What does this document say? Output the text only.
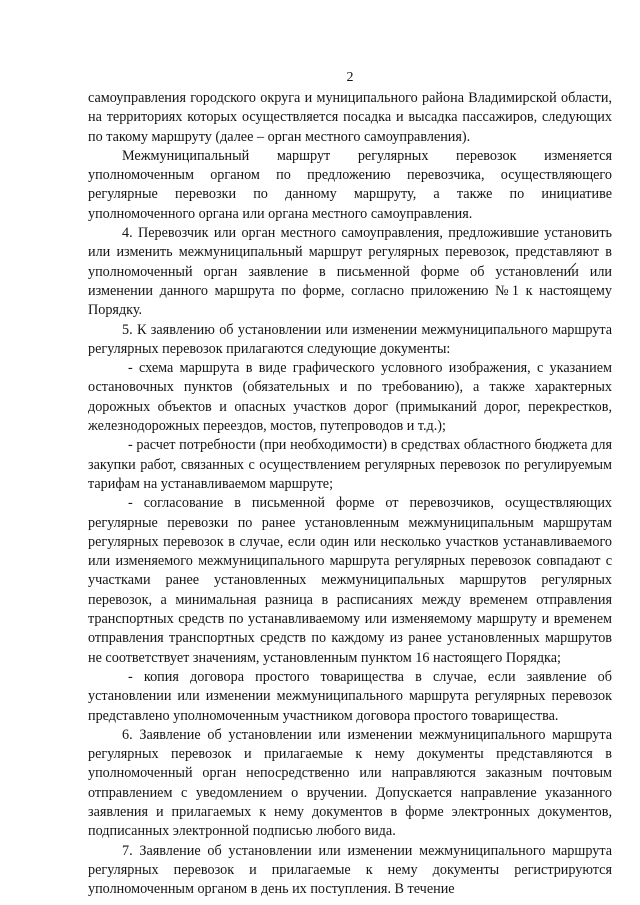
2

самоуправления городского округа и муниципального района Владимирской области, на территориях которых осуществляется посадка и высадка пассажиров, следующих по такому маршруту (далее – орган местного самоуправления).

Межмуниципальный маршрут регулярных перевозок изменяется уполномоченным органом по предложению перевозчика, осуществляющего регулярные перевозки по данному маршруту, а также по инициативе уполномоченного органа или органа местного самоуправления.

4. Перевозчик или орган местного самоуправления, предложившие установить или изменить межмуниципальный маршрут регулярных перевозок, представляют в уполномоченный орган заявление в письменной форме об установлении или изменении данного маршрута по форме, согласно приложению №1 к настоящему Порядку.

5. К заявлению об установлении или изменении межмуниципального маршрута регулярных перевозок прилагаются следующие документы:

- схема маршрута в виде графического условного изображения, с указанием остановочных пунктов (обязательных и по требованию), а также характерных дорожных объектов и опасных участков дорог (примыканий дорог, перекрестков, железнодорожных переездов, мостов, путепроводов и т.д.);

- расчет потребности (при необходимости) в средствах областного бюджета для закупки работ, связанных с осуществлением регулярных перевозок по регулируемым тарифам на устанавливаемом маршруте;

- согласование в письменной форме от перевозчиков, осуществляющих регулярные перевозки по ранее установленным межмуниципальным маршрутам регулярных перевозок в случае, если один или несколько участков устанавливаемого или изменяемого межмуниципального маршрута регулярных перевозок совпадают с участками ранее установленных межмуниципальных маршрутов регулярных перевозок, а минимальная разница в расписаниях между временем отправления транспортных средств по устанавливаемому или изменяемому маршруту и временем отправления транспортных средств по каждому из ранее установленных маршрутов не соответствует значениям, установленным пунктом 16 настоящего Порядка;

- копия договора простого товарищества в случае, если заявление об установлении или изменении межмуниципального маршрута регулярных перевозок представлено уполномоченным участником договора простого товарищества.

6. Заявление об установлении или изменении межмуниципального маршрута регулярных перевозок и прилагаемые к нему документы представляются в уполномоченный орган непосредственно или направляются заказным почтовым отправлением с уведомлением о вручении. Допускается направление указанного заявления и прилагаемых к нему документов в форме электронных документов, подписанных электронной подписью любого вида.

7. Заявление об установлении или изменении межмуниципального маршрута регулярных перевозок и прилагаемые к нему документы регистрируются уполномоченным органом в день их поступления. В течение
